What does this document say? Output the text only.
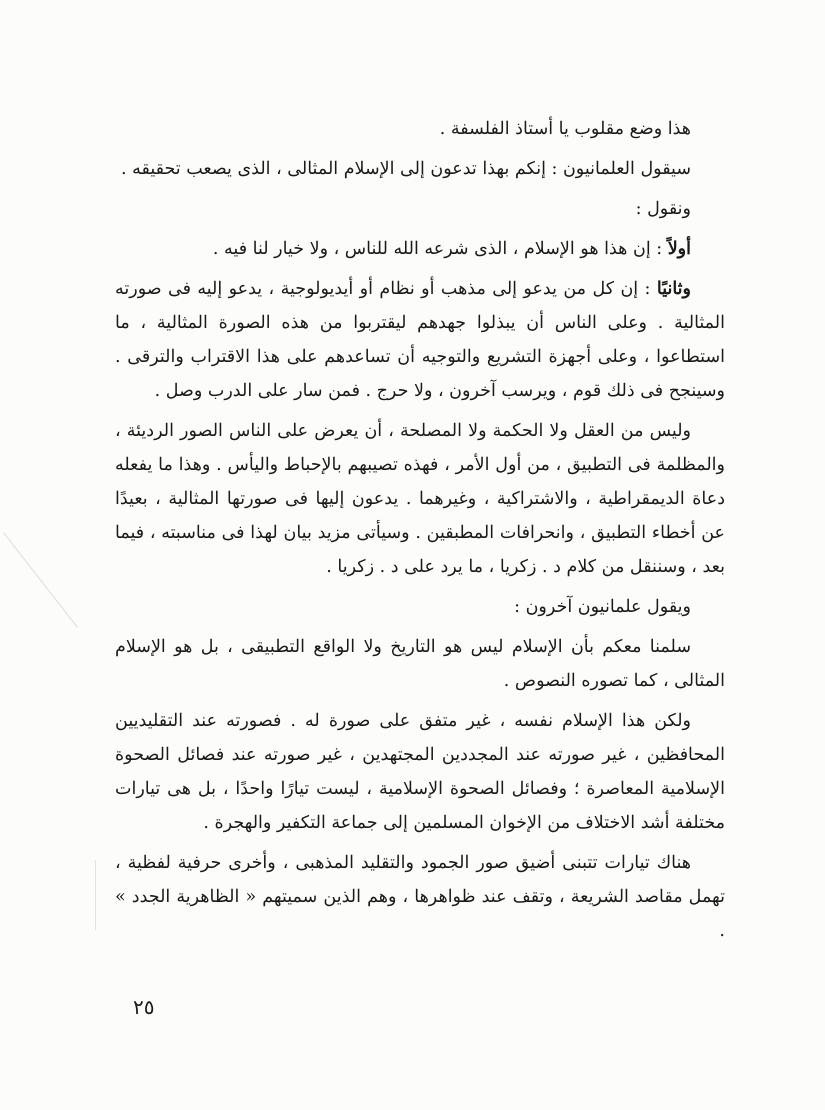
هذا وضع مقلوب يا أستاذ الفلسفة .

سيقول العلمانيون : إنكم بهذا تدعون إلى الإسلام المثالى ، الذى يصعب تحقيقه .

ونقول :

أولاً : إن هذا هو الإسلام ، الذى شرعه الله للناس ، ولا خيار لنا فيه .

وثانيًا : إن كل من يدعو إلى مذهب أو نظام أو أيديولوجية ، يدعو إليه فى صورته المثالية . وعلى الناس أن يبذلوا جهدهم ليقتربوا من هذه الصورة المثالية ، ما استطاعوا ، وعلى أجهزة التشريع والتوجيه أن تساعدهم على هذا الاقتراب والترقى . وسينجح فى ذلك قوم ، ويرسب آخرون ، ولا حرج . فمن سار على الدرب وصل .

وليس من العقل ولا الحكمة ولا المصلحة ، أن يعرض على الناس الصور الرديئة ، والمظلمة فى التطبيق ، من أول الأمر ، فهذه تصيبهم بالإحباط واليأس . وهذا ما يفعله دعاة الديمقراطية ، والاشتراكية ، وغيرهما . يدعون إليها فى صورتها المثالية ، بعيدًا عن أخطاء التطبيق ، وانحرافات المطبقين . وسيأتى مزيد بيان لهذا فى مناسبته ، فيما بعد ، وسننقل من كلام د . زكريا ، ما يرد على د . زكريا .

ويقول علمانيون آخرون :

سلمنا معكم بأن الإسلام ليس هو التاريخ ولا الواقع التطبيقى ، بل هو الإسلام المثالى ، كما تصوره النصوص .

ولكن هذا الإسلام نفسه ، غير متفق على صورة له . فصورته عند التقليديين المحافظين ، غير صورته عند المجددين المجتهدين ، غير صورته عند فصائل الصحوة الإسلامية المعاصرة ؛ وفصائل الصحوة الإسلامية ، ليست تيارًا واحدًا ، بل هى تيارات مختلفة أشد الاختلاف من الإخوان المسلمين إلى جماعة التكفير والهجرة .

هناك تيارات تتبنى أضيق صور الجمود والتقليد المذهبى ، وأخرى حرفية لفظية ، تهمل مقاصد الشريعة ، وتقف عند ظواهرها ، وهم الذين سميتهم « الظاهرية الجدد » .

٢٥
